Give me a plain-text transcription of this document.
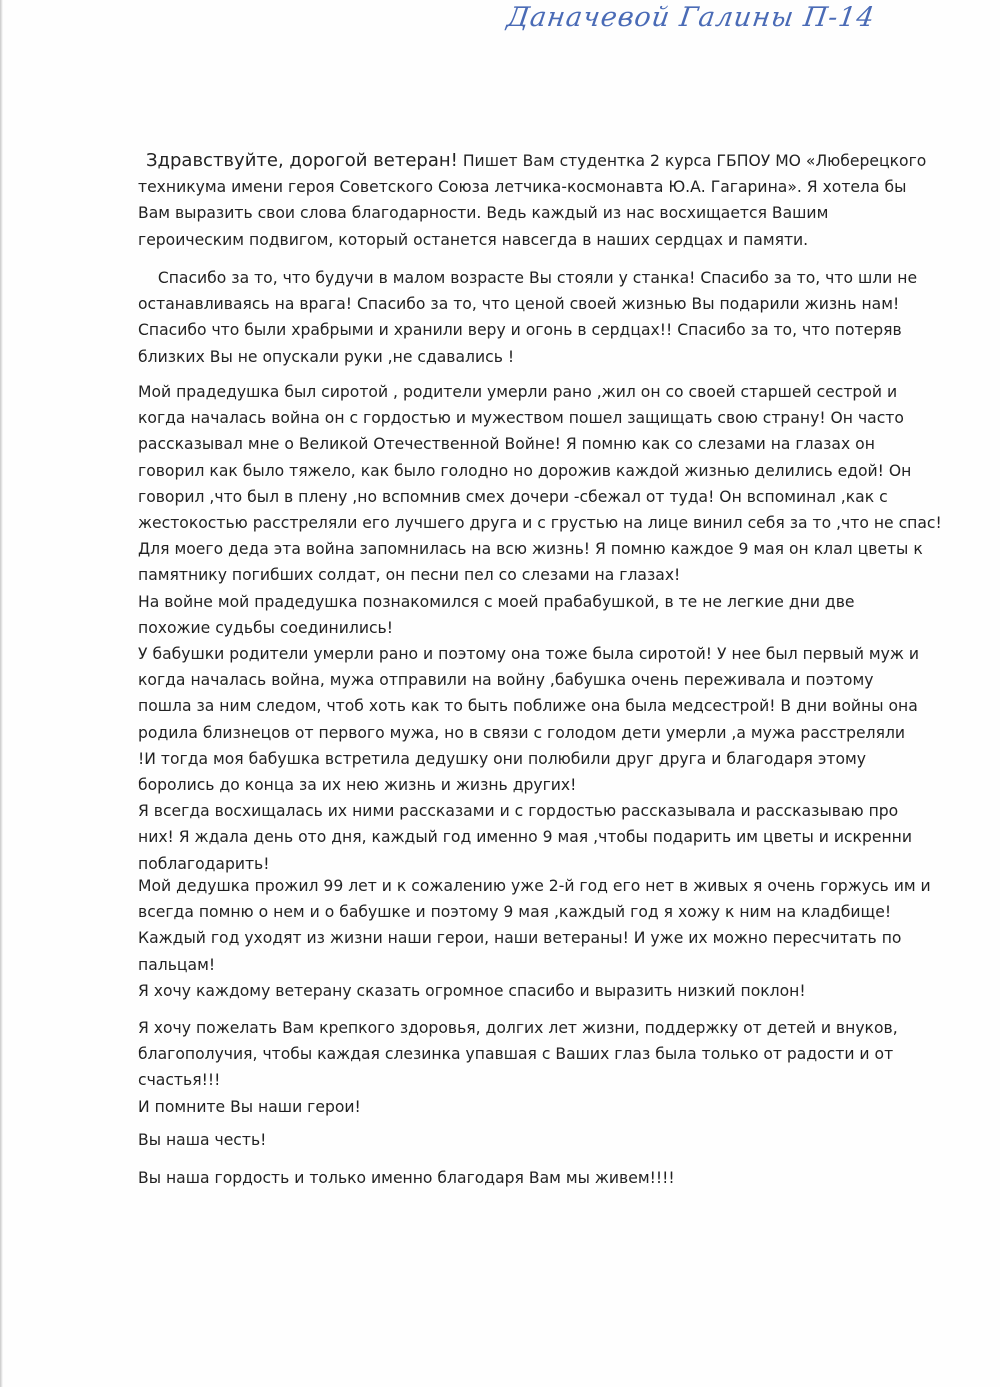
Даначевой Галины П-14
Здравствуйте, дорогой ветеран! Пишет Вам студентка 2 курса ГБПОУ МО «Люберецкого
техникума имени героя Советского Союза летчика-космонавта Ю.А. Гагарина». Я хотела бы
Вам выразить свои слова благодарности. Ведь каждый из нас восхищается Вашим
героическим подвигом, который останется навсегда в наших сердцах и памяти.
Спасибо за то, что будучи в малом возрасте Вы стояли у станка! Спасибо за то, что шли не
останавливаясь на врага! Спасибо за то, что ценой своей жизнью Вы подарили жизнь нам!
Спасибо что были храбрыми и хранили веру и огонь в сердцах!! Спасибо за то, что потеряв
близких Вы не опускали руки ,не сдавались !
Мой прадедушка был сиротой , родители умерли рано ,жил он со своей старшей сестрой и
когда началась война он с гордостью и мужеством пошел защищать свою страну! Он часто
рассказывал мне о Великой Отечественной Войне! Я помню как со слезами на глазах он
говорил как было тяжело, как было голодно но дорожив каждой жизнью делились едой! Он
говорил ,что был в плену ,но вспомнив смех дочери -сбежал от туда! Он вспоминал ,как с
жестокостью расстреляли его лучшего друга и с грустью на лице винил себя за то ,что не спас!
Для моего деда эта война запомнилась на всю жизнь! Я помню каждое 9 мая он клал цветы к
памятнику погибших солдат, он песни пел со слезами на глазах!
На войне мой прадедушка познакомился с моей прабабушкой, в те не легкие дни две
похожие судьбы соединились!
У бабушки родители умерли рано и поэтому она тоже была сиротой! У нее был первый муж и
когда началась война, мужа отправили на войну ,бабушка очень переживала и поэтому
пошла за ним следом, чтоб хоть как то быть поближе она была медсестрой! В дни войны она
родила близнецов от первого мужа, но в связи с голодом дети умерли ,а мужа расстреляли
!И тогда моя бабушка встретила дедушку они полюбили друг друга и благодаря этому
боролись до конца за их нею жизнь и жизнь других!
Я всегда восхищалась их ними рассказами и с гордостью рассказывала и рассказываю про
них! Я ждала день ото дня, каждый год именно 9 мая ,чтобы подарить им цветы и искренни
поблагодарить!
Мой дедушка прожил 99 лет и к сожалению уже 2-й год его нет в живых я очень горжусь им и
всегда помню о нем и о бабушке и поэтому 9 мая ,каждый год я хожу к ним на кладбище!
Каждый год уходят из жизни наши герои, наши ветераны! И уже их можно пересчитать по
пальцам!
Я хочу каждому ветерану сказать огромное спасибо и выразить низкий поклон!
Я хочу пожелать Вам крепкого здоровья, долгих лет жизни, поддержку от детей и внуков,
благополучия, чтобы каждая слезинка упавшая с Ваших глаз была только от радости и от
счастья!!!
И помните Вы наши герои!
Вы наша честь!
Вы наша гордость и только именно благодаря Вам мы живем!!!!
